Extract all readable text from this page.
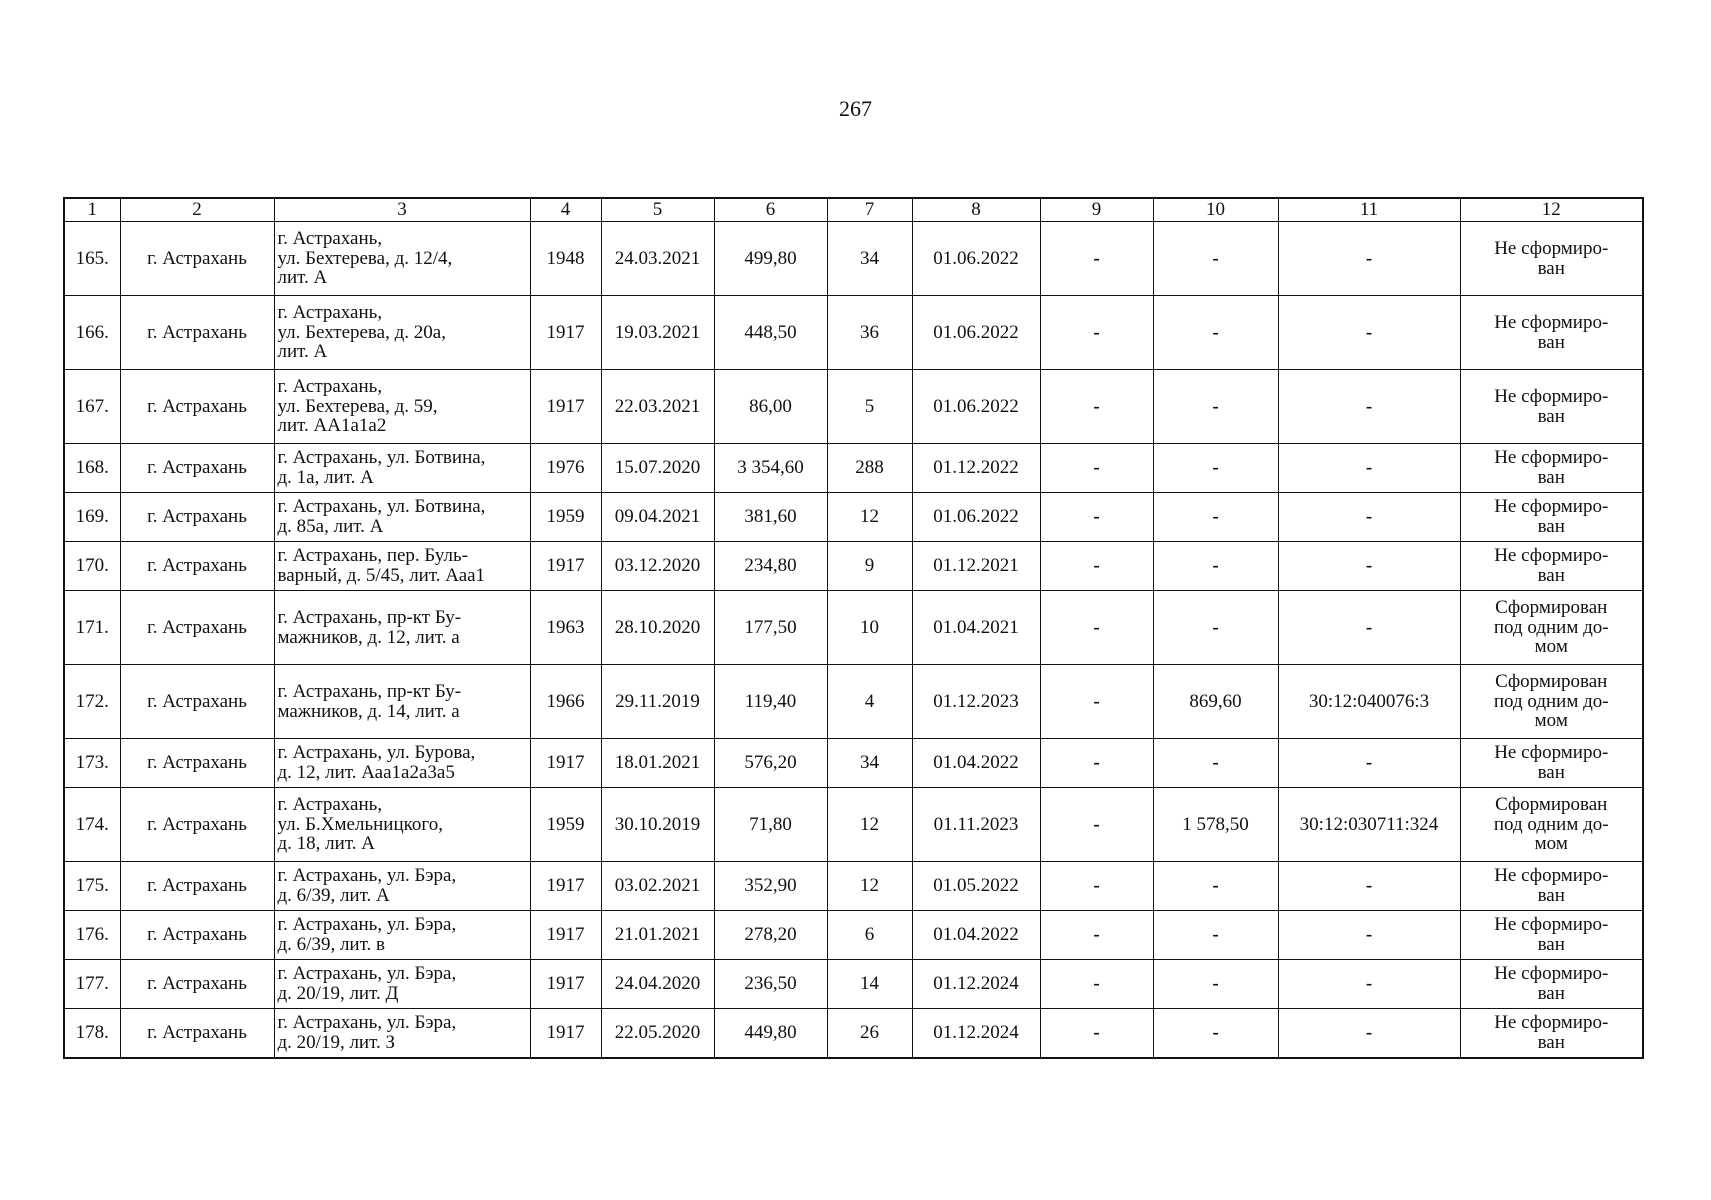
267
1	2	3	4	5	6	7	8	9	10	11	12
165.	г. Астрахань	г. Астрахань,
ул. Бехтерева, д. 12/4,
лит. А	1948	24.03.2021	499,80	34	01.06.2022	-	-	-	Не сформиро-
ван
166.	г. Астрахань	г. Астрахань,
ул. Бехтерева, д. 20а,
лит. А	1917	19.03.2021	448,50	36	01.06.2022	-	-	-	Не сформиро-
ван
167.	г. Астрахань	г. Астрахань,
ул. Бехтерева, д. 59,
лит. АА1а1а2	1917	22.03.2021	86,00	5	01.06.2022	-	-	-	Не сформиро-
ван
168.	г. Астрахань	г. Астрахань, ул. Ботвина,
д. 1а, лит. А	1976	15.07.2020	3 354,60	288	01.12.2022	-	-	-	Не сформиро-
ван
169.	г. Астрахань	г. Астрахань, ул. Ботвина,
д. 85а, лит. А	1959	09.04.2021	381,60	12	01.06.2022	-	-	-	Не сформиро-
ван
170.	г. Астрахань	г. Астрахань, пер. Буль-
варный, д. 5/45, лит. Ааа1	1917	03.12.2020	234,80	9	01.12.2021	-	-	-	Не сформиро-
ван
171.	г. Астрахань	г. Астрахань, пр-кт Бу-
мажников, д. 12, лит. а	1963	28.10.2020	177,50	10	01.04.2021	-	-	-	Сформирован
под одним до-
мом
172.	г. Астрахань	г. Астрахань, пр-кт Бу-
мажников, д. 14, лит. а	1966	29.11.2019	119,40	4	01.12.2023	-	869,60	30:12:040076:3	Сформирован
под одним до-
мом
173.	г. Астрахань	г. Астрахань, ул. Бурова,
д. 12, лит. Ааа1а2а3а5	1917	18.01.2021	576,20	34	01.04.2022	-	-	-	Не сформиро-
ван
174.	г. Астрахань	г. Астрахань,
ул. Б.Хмельницкого,
д. 18, лит. А	1959	30.10.2019	71,80	12	01.11.2023	-	1 578,50	30:12:030711:324	Сформирован
под одним до-
мом
175.	г. Астрахань	г. Астрахань, ул. Бэра,
д. 6/39, лит. А	1917	03.02.2021	352,90	12	01.05.2022	-	-	-	Не сформиро-
ван
176.	г. Астрахань	г. Астрахань, ул. Бэра,
д. 6/39, лит. в	1917	21.01.2021	278,20	6	01.04.2022	-	-	-	Не сформиро-
ван
177.	г. Астрахань	г. Астрахань, ул. Бэра,
д. 20/19, лит. Д	1917	24.04.2020	236,50	14	01.12.2024	-	-	-	Не сформиро-
ван
178.	г. Астрахань	г. Астрахань, ул. Бэра,
д. 20/19, лит. З	1917	22.05.2020	449,80	26	01.12.2024	-	-	-	Не сформиро-
ван
